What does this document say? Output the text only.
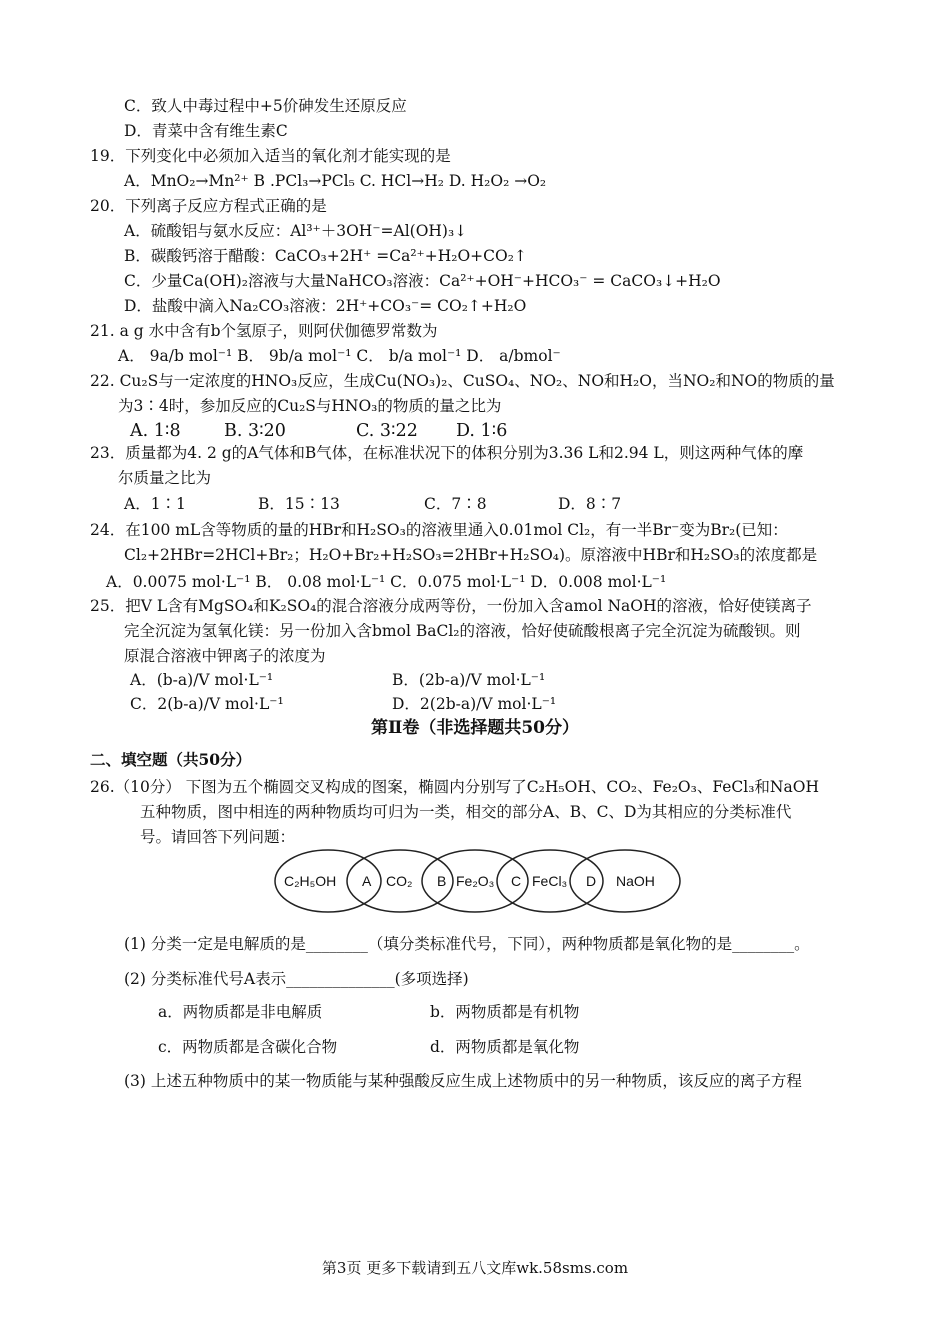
C．致人中毒过程中+5价砷发生还原反应
D．青菜中含有维生素C
19．下列变化中必须加入适当的氧化剂才能实现的是
A．MnO₂→Mn²⁺ B .PCl₃→PCl₅ C. HCl→H₂ D. H₂O₂ →O₂
20．下列离子反应方程式正确的是
A．硫酸铝与氨水反应：Al³⁺＋3OH⁻=Al(OH)₃↓
B．碳酸钙溶于醋酸：CaCO₃+2H⁺ =Ca²⁺+H₂O+CO₂↑
C．少量Ca(OH)₂溶液与大量NaHCO₃溶液：Ca²⁺+OH⁻+HCO₃⁻ = CaCO₃↓+H₂O
D．盐酸中滴入Na₂CO₃溶液：2H⁺+CO₃⁻= CO₂↑+H₂O
21. a g 水中含有b个氢原子，则阿伏伽德罗常数为
A． 9a/b mol⁻¹ B． 9b/a mol⁻¹ C． b/a mol⁻¹ D． a/bmol⁻
22. Cu₂S与一定浓度的HNO₃反应，生成Cu(NO₃)₂、CuSO₄、NO₂、NO和H₂O，当NO₂和NO的物质的量
为3∶4时，参加反应的Cu₂S与HNO₃的物质的量之比为
A. 1∶8 B. 3∶20	C. 3∶22 D. 1∶6
23．质量都为4. 2 g的A气体和B气体，在标准状况下的体积分别为3.36 L和2.94 L，则这两种气体的摩
尔质量之比为
A．1∶1	B．15∶13	C．7∶8	D．8∶7
24．在100 mL含等物质的量的HBr和H₂SO₃的溶液里通入0.01mol Cl₂，有一半Br⁻变为Br₂(已知：
Cl₂+2HBr=2HCl+Br₂；H₂O+Br₂+H₂SO₃=2HBr+H₂SO₄)。原溶液中HBr和H₂SO₃的浓度都是
A．0.0075 mol·L⁻¹ B． 0.08 mol·L⁻¹ C．0.075 mol·L⁻¹ D．0.008 mol·L⁻¹
25．把V L含有MgSO₄和K₂SO₄的混合溶液分成两等份，一份加入含amol NaOH的溶液，恰好使镁离子
完全沉淀为氢氧化镁：另一份加入含bmol BaCl₂的溶液，恰好使硫酸根离子完全沉淀为硫酸钡。则
原混合溶液中钾离子的浓度为
A．(b-a)/V mol·L⁻¹	B．(2b-a)/V mol·L⁻¹
C．2(b-a)/V mol·L⁻¹	D．2(2b-a)/V mol·L⁻¹
第Ⅱ卷（非选择题共50分）
二、填空题（共50分）
26.（10分） 下图为五个椭圆交叉构成的图案，椭圆内分别写了C₂H₅OH、CO₂、Fe₂O₃、FeCl₃和NaOH
五种物质，图中相连的两种物质均可归为一类，相交的部分A、B、C、D为其相应的分类标准代
号。请回答下列问题：
C₂H₅OH	CO₂	Fe₂O₃	FeCl₃	NaOH
A	B	C	D
(1) 分类一定是电解质的是________（填分类标准代号，下同），两种物质都是氧化物的是________。
(2) 分类标准代号A表示______________(多项选择)
a．两物质都是非电解质	b．两物质都是有机物
c．两物质都是含碳化合物	d．两物质都是氧化物
(3) 上述五种物质中的某一物质能与某种强酸反应生成上述物质中的另一种物质，该反应的离子方程
第3页 更多下载请到五八文库wk.58sms.com
